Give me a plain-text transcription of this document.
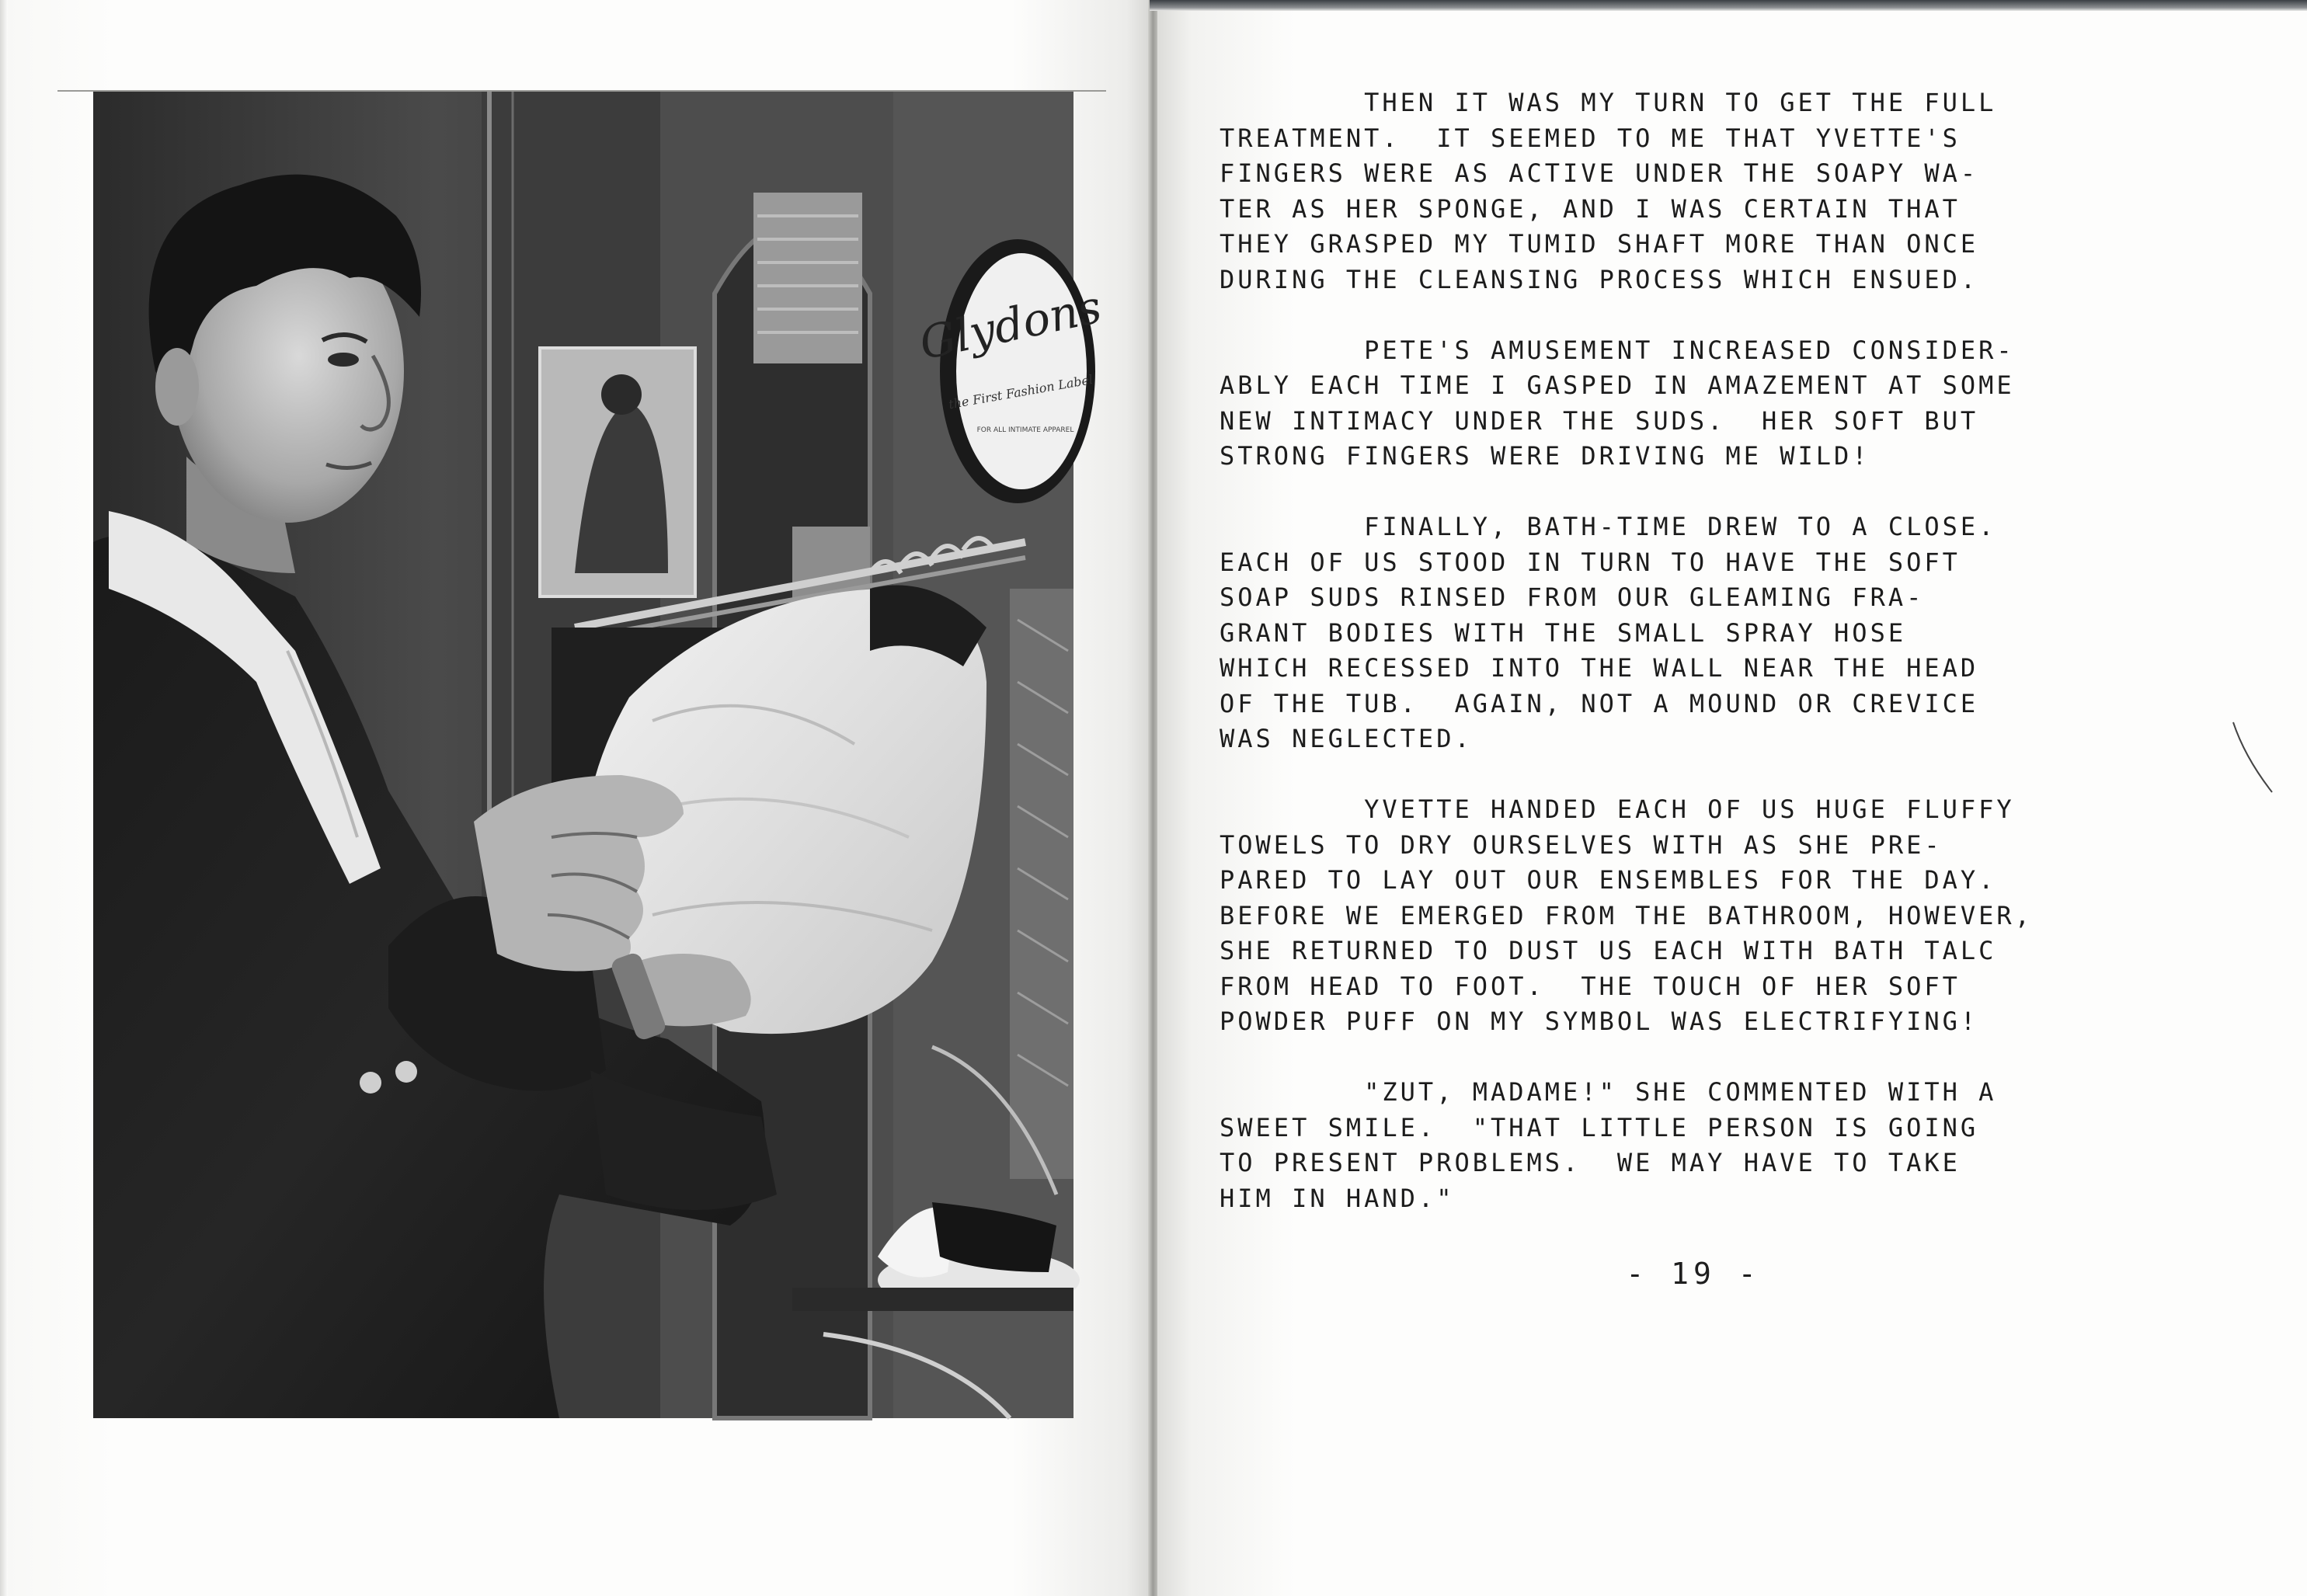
Glydons
the First Fashion Label
FOR ALL INTIMATE APPAREL
THEN IT WAS MY TURN TO GET THE FULL
TREATMENT.  IT SEEMED TO ME THAT YVETTE'S
FINGERS WERE AS ACTIVE UNDER THE SOAPY WA-
TER AS HER SPONGE, AND I WAS CERTAIN THAT
THEY GRASPED MY TUMID SHAFT MORE THAN ONCE
DURING THE CLEANSING PROCESS WHICH ENSUED.
PETE'S AMUSEMENT INCREASED CONSIDER-
ABLY EACH TIME I GASPED IN AMAZEMENT AT SOME
NEW INTIMACY UNDER THE SUDS.  HER SOFT BUT
STRONG FINGERS WERE DRIVING ME WILD!
FINALLY, BATH-TIME DREW TO A CLOSE.
EACH OF US STOOD IN TURN TO HAVE THE SOFT
SOAP SUDS RINSED FROM OUR GLEAMING FRA-
GRANT BODIES WITH THE SMALL SPRAY HOSE
WHICH RECESSED INTO THE WALL NEAR THE HEAD
OF THE TUB.  AGAIN, NOT A MOUND OR CREVICE
WAS NEGLECTED.
YVETTE HANDED EACH OF US HUGE FLUFFY
TOWELS TO DRY OURSELVES WITH AS SHE PRE-
PARED TO LAY OUT OUR ENSEMBLES FOR THE DAY.
BEFORE WE EMERGED FROM THE BATHROOM, HOWEVER,
SHE RETURNED TO DUST US EACH WITH BATH TALC
FROM HEAD TO FOOT.  THE TOUCH OF HER SOFT
POWDER PUFF ON MY SYMBOL WAS ELECTRIFYING!
"ZUT, MADAME!" SHE COMMENTED WITH A
SWEET SMILE.  "THAT LITTLE PERSON IS GOING
TO PRESENT PROBLEMS.  WE MAY HAVE TO TAKE
HIM IN HAND."
- 19 -
